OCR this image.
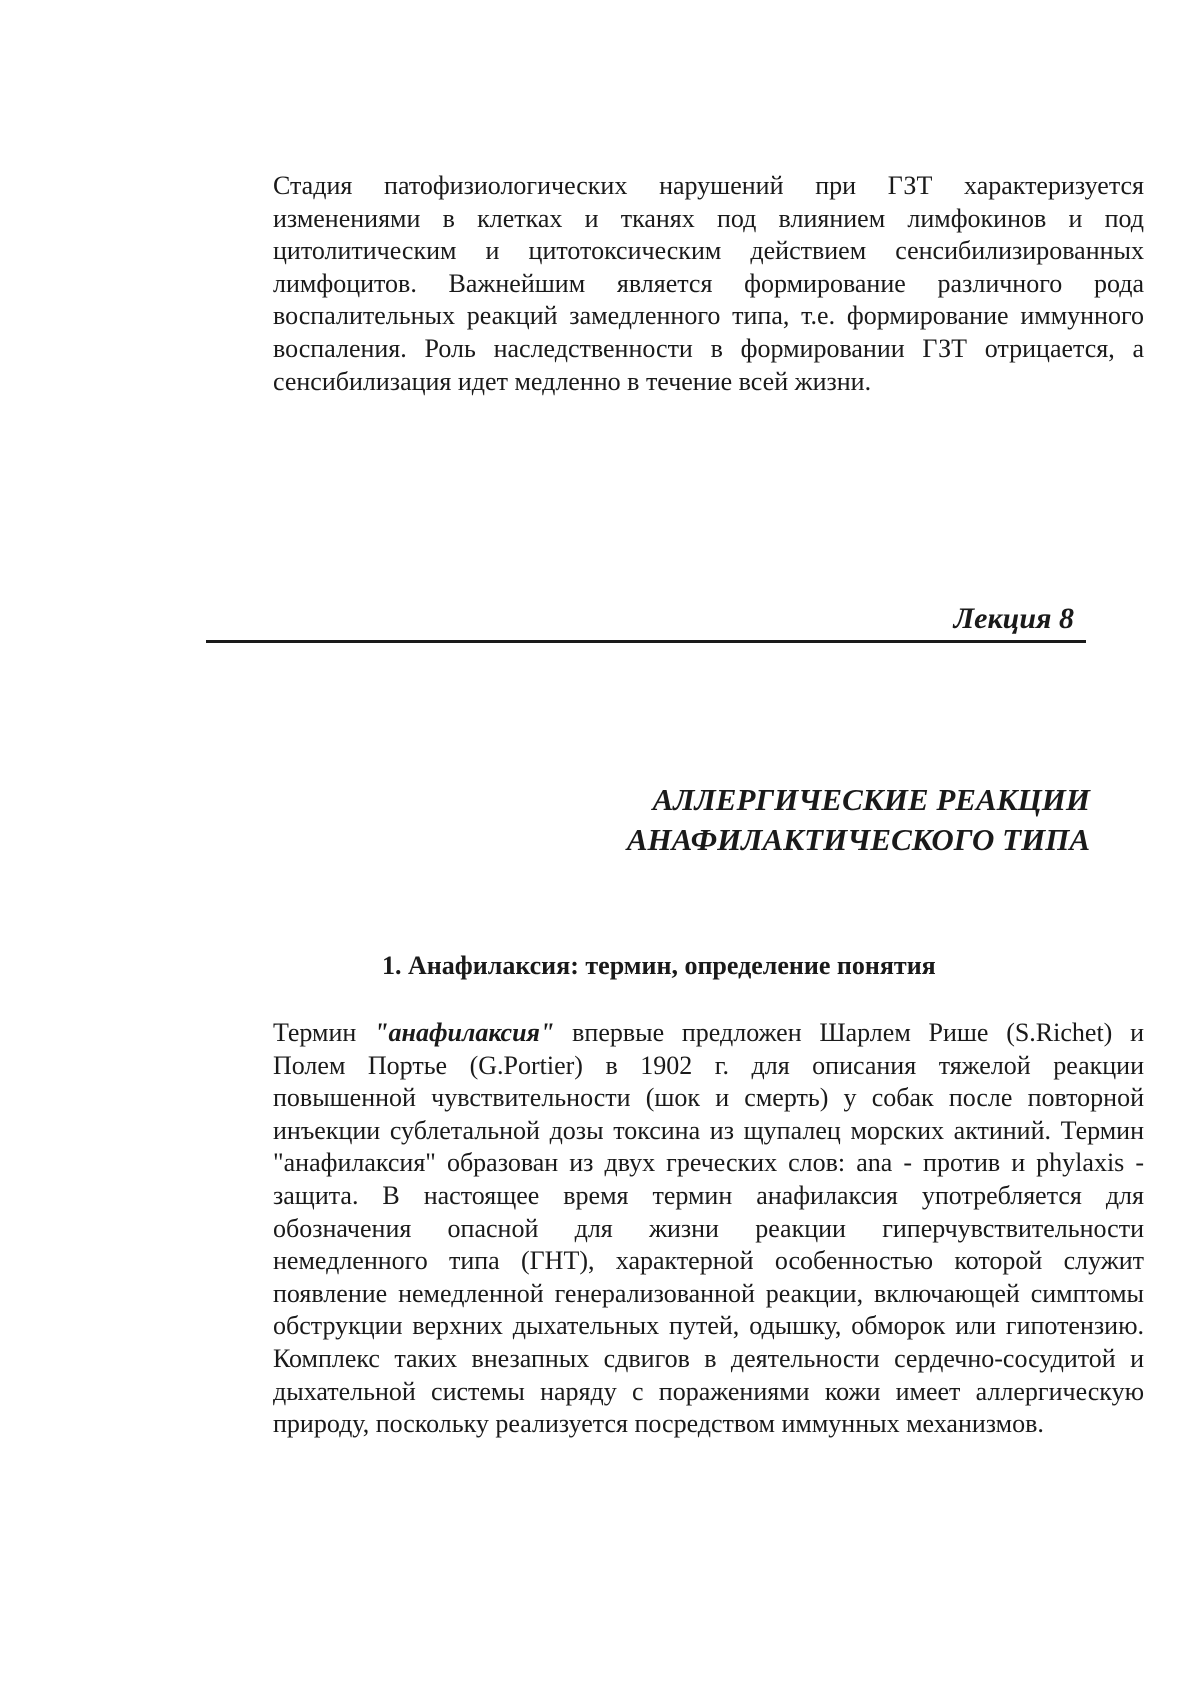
Стадия патофизиологических нарушений при ГЗТ характеризуется изменениями в клетках и тканях под влиянием лимфокинов и под цитолитическим и цитотоксическим действием сенсибилизированных лимфоцитов. Важнейшим является формирование различного рода воспалительных реакций замедленного типа, т.е. формирование иммунного воспаления. Роль наследственности в формировании ГЗТ отрицается, а сенсибилизация идет медленно в течение всей жизни.

Лекция 8

АЛЛЕРГИЧЕСКИЕ РЕАКЦИИ
АНАФИЛАКТИЧЕСКОГО ТИПА
1. Анафилаксия: термин, определение понятия

Термин "анафилаксия" впервые предложен Шарлем Рише (S.Richet) и Полем Портье (G.Portier) в 1902 г. для описания тяжелой реакции повышенной чувствительности (шок и смерть) у собак после повторной инъекции сублетальной дозы токсина из щупалец морских актиний. Термин "анафилаксия" образован из двух греческих слов: ana - против и phylaxis - защита. В настоящее время термин анафилаксия употребляется для обозначения опасной для жизни реакции гиперчувствительности немедленного типа (ГНТ), характерной особенностью которой служит появление немедленной генерализованной реакции, включающей симптомы обструкции верхних дыхательных путей, одышку, обморок или гипотензию. Комплекс таких внезапных сдвигов в деятельности сердечно-сосудитой и дыхательной системы наряду с поражениями кожи имеет аллергическую природу, поскольку реализуется посредством иммунных механизмов.
